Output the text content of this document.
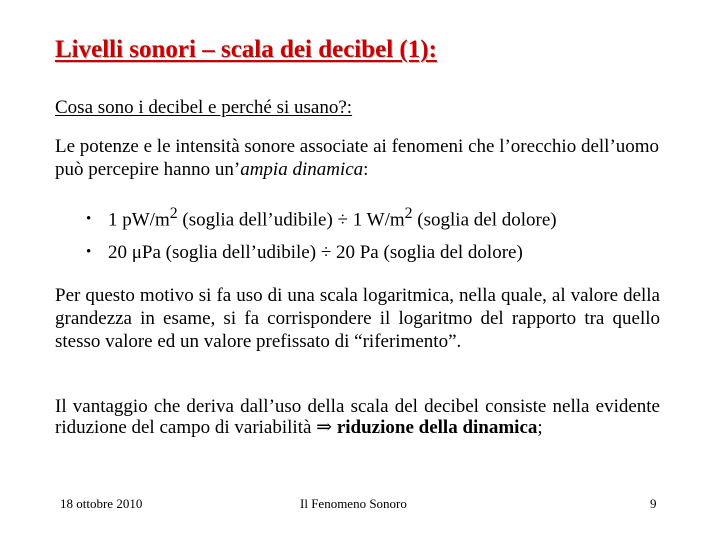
Livelli sonori – scala dei decibel (1):
Cosa sono i decibel e perché si usano?:
Le potenze e le intensità sonore associate ai fenomeni che l’orecchio dell’uomo può percepire hanno un’ampia dinamica:
• 1 $pW/m^2$ (soglia dell’udibile) ÷ 1 $W/m^2$ (soglia del dolore)
• 20 μPa (soglia dell’udibile) ÷ 20 Pa (soglia del dolore)
Per questo motivo si fa uso di una scala logaritmica, nella quale, al valore della grandezza in esame, si fa corrispondere il logaritmo del rapporto tra quello stesso valore ed un valore prefissato di “riferimento”.
Il vantaggio che deriva dall’uso della scala del decibel consiste nella evidente riduzione del campo di variabilità ⇒ riduzione della dinamica;
18 ottobre 2010	Il Fenomeno Sonoro	9
